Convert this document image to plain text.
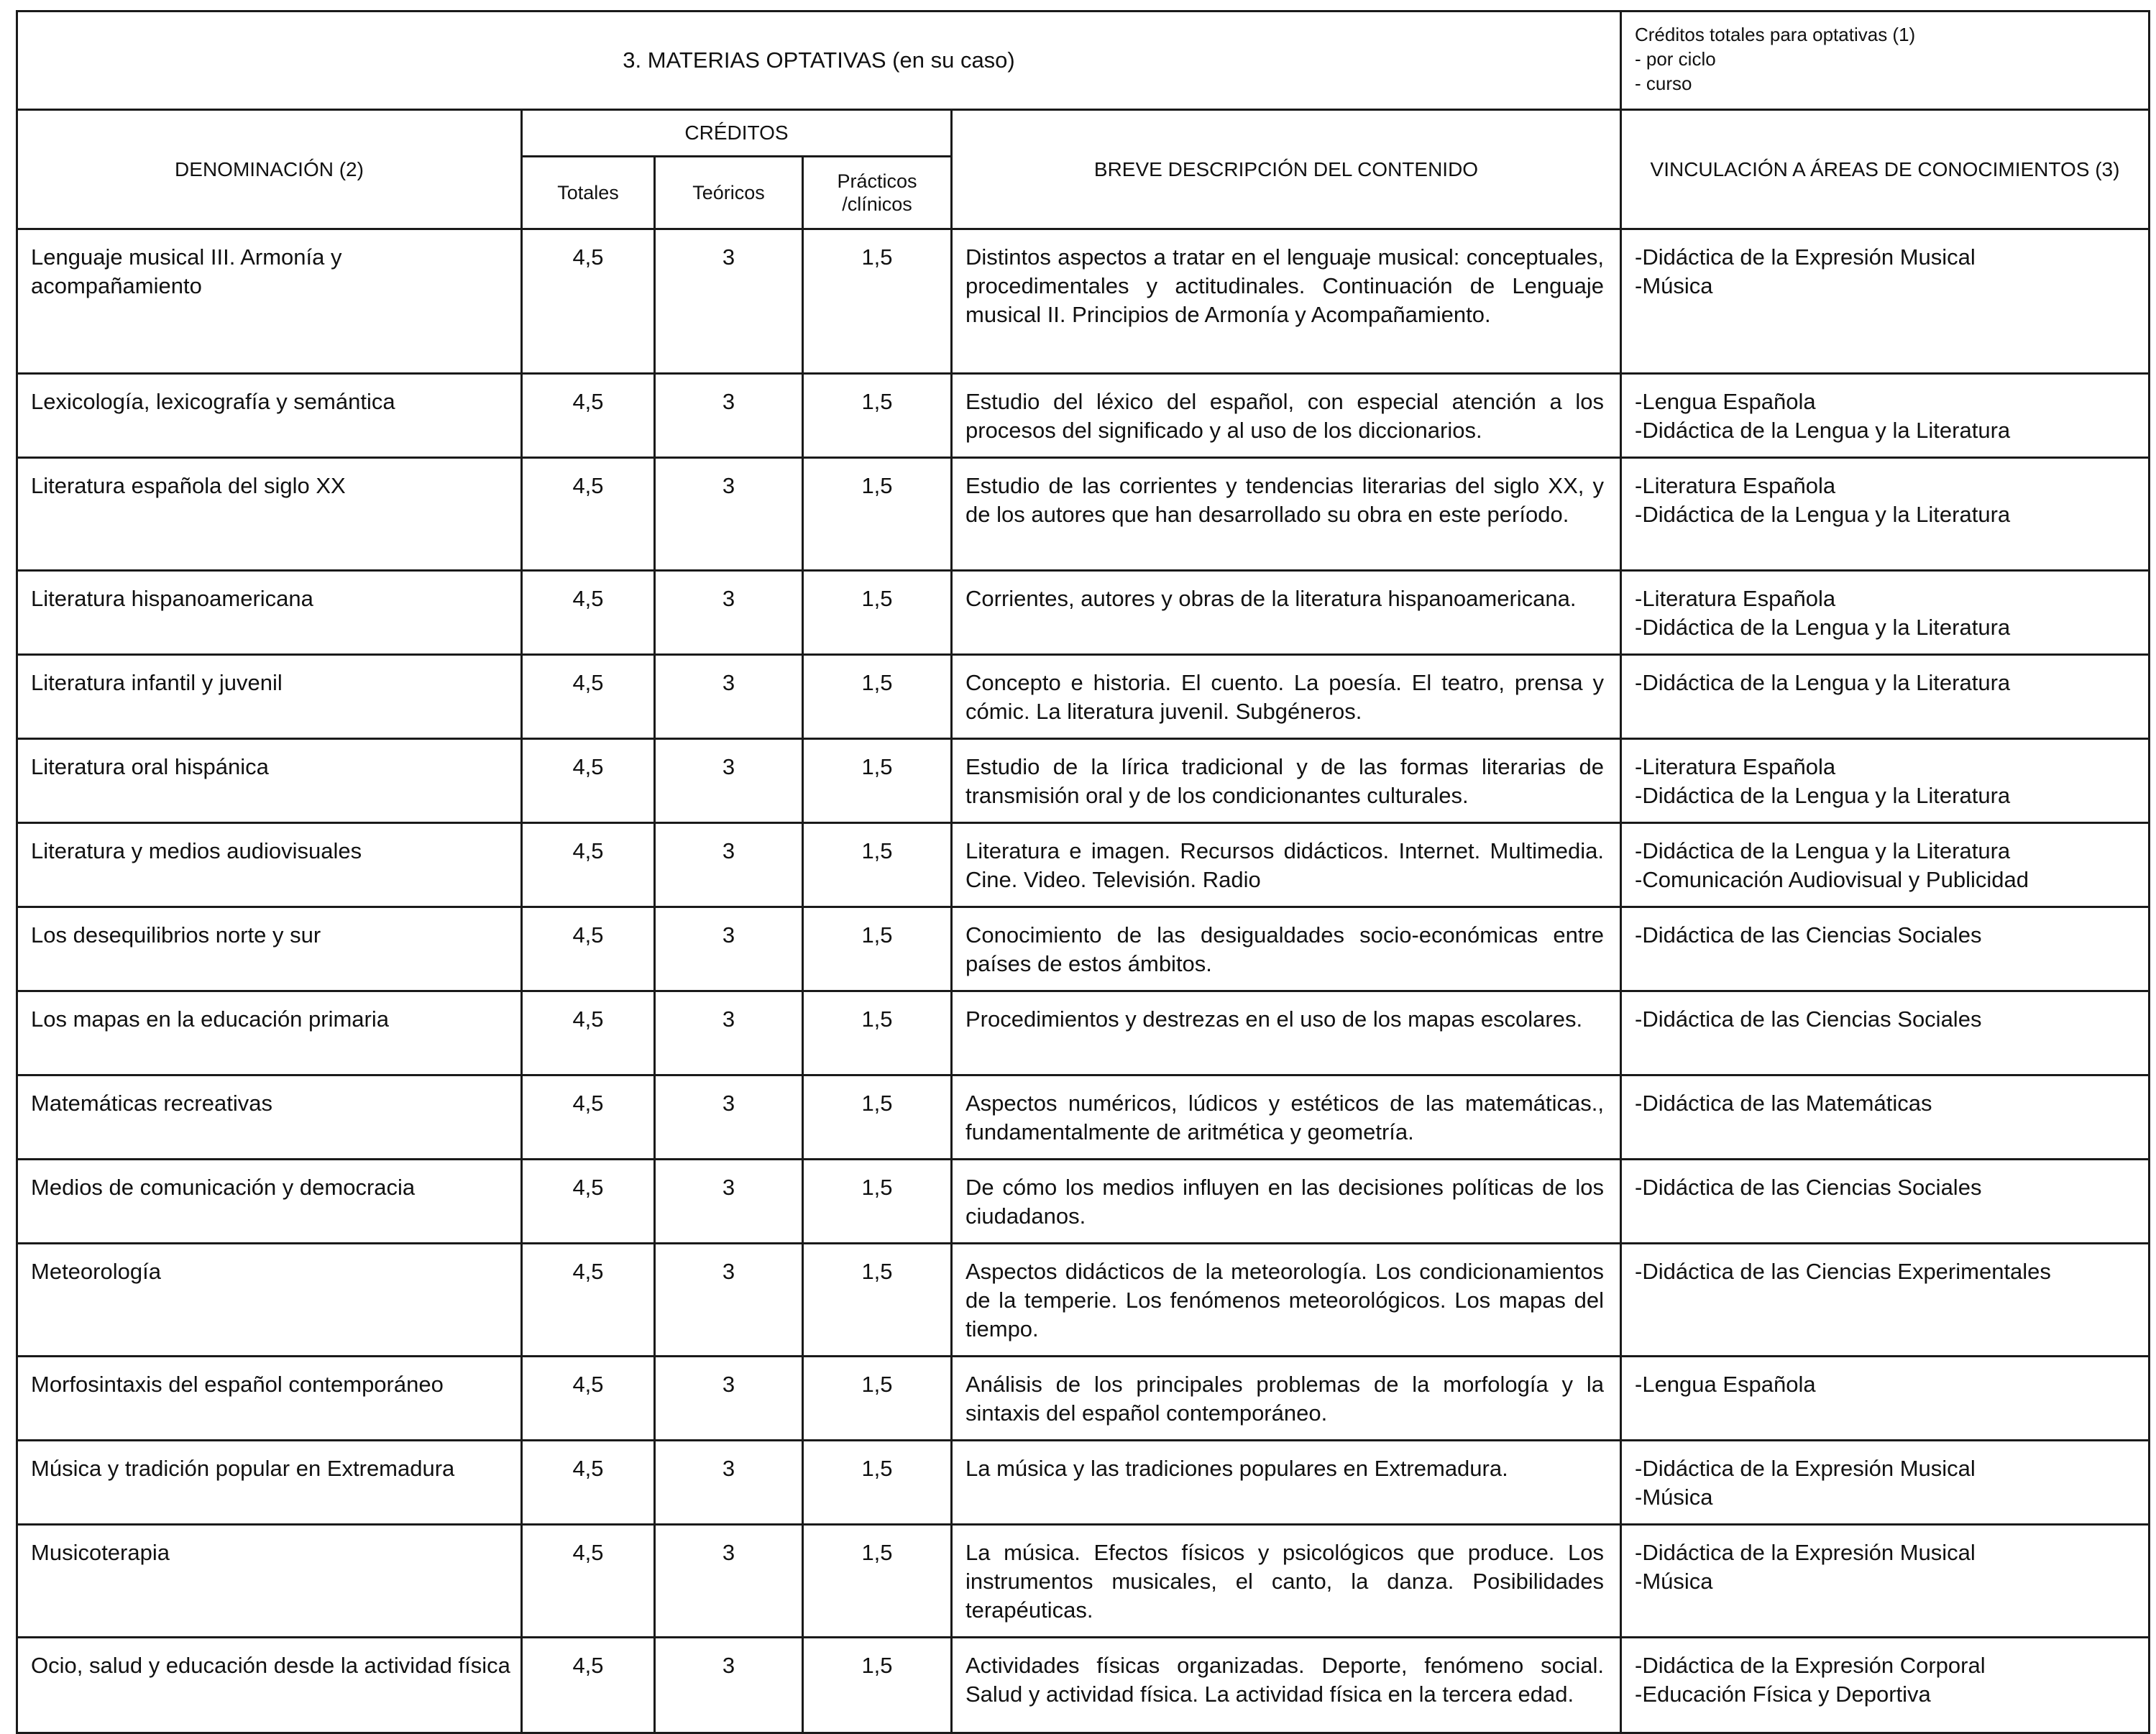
3. MATERIAS OPTATIVAS (en su caso)					Créditos totales para optativas (1)
- por ciclo
- curso

DENOMINACIÓN (2)	CRÉDITOS			BREVE DESCRIPCIÓN DEL CONTENIDO	VINCULACIÓN A ÁREAS DE CONOCIMIENTOS (3)
	Totales	Teóricos	Prácticos /clínicos		
Lenguaje musical III. Armonía y acompañamiento	4,5	3	1,5	Distintos aspectos a tratar en el lenguaje musical: conceptuales, procedimentales y actitudinales. Continuación de Lenguaje musical II. Principios de Armonía y Acompañamiento.	-Didáctica de la Expresión Musical
-Música

Lexicología, lexicografía y semántica	4,5	3	1,5	Estudio del léxico del español, con especial atención a los procesos del significado y al uso de los diccionarios.	-Lengua Española
-Didáctica de la Lengua y la Literatura

Literatura española del siglo XX	4,5	3	1,5	Estudio de las corrientes y tendencias literarias del siglo XX, y de los autores que han desarrollado su obra en este período.	-Literatura Española
-Didáctica de la Lengua y la Literatura

Literatura hispanoamericana	4,5	3	1,5	Corrientes, autores y obras de la literatura hispanoamericana.	-Literatura Española
-Didáctica de la Lengua y la Literatura

Literatura infantil y juvenil	4,5	3	1,5	Concepto e historia. El cuento. La poesía. El teatro, prensa y cómic. La literatura juvenil. Subgéneros.	-Didáctica de la Lengua y la Literatura

Literatura oral hispánica	4,5	3	1,5	Estudio de la lírica tradicional y de las formas literarias de transmisión oral y de los condicionantes culturales.	-Literatura Española
-Didáctica de la Lengua y la Literatura

Literatura y medios audiovisuales	4,5	3	1,5	Literatura e imagen. Recursos didácticos. Internet. Multimedia. Cine. Video. Televisión. Radio	-Didáctica de la Lengua y la Literatura
-Comunicación Audiovisual y Publicidad

Los desequilibrios norte y sur	4,5	3	1,5	Conocimiento de las desigualdades socio-económicas entre países de estos ámbitos.	-Didáctica de las Ciencias Sociales

Los mapas en la educación primaria	4,5	3	1,5	Procedimientos y destrezas en el uso de los mapas escolares.	-Didáctica de las Ciencias Sociales

Matemáticas recreativas	4,5	3	1,5	Aspectos numéricos, lúdicos y estéticos de las matemáticas., fundamentalmente de aritmética y geometría.	-Didáctica de las Matemáticas

Medios de comunicación y democracia	4,5	3	1,5	De cómo los medios influyen en las decisiones políticas de los ciudadanos.	-Didáctica de las Ciencias Sociales

Meteorología	4,5	3	1,5	Aspectos didácticos de la meteorología. Los condicionamientos de la temperie. Los fenómenos meteorológicos. Los mapas del tiempo.	-Didáctica de las Ciencias Experimentales

Morfosintaxis del español contemporáneo	4,5	3	1,5	Análisis de los principales problemas de la morfología y la sintaxis del español contemporáneo.	-Lengua Española

Música y tradición popular en Extremadura	4,5	3	1,5	La música y las tradiciones populares en Extremadura.	-Didáctica de la Expresión Musical
-Música

Musicoterapia	4,5	3	1,5	La música. Efectos físicos y psicológicos que produce. Los instrumentos musicales, el canto, la danza. Posibilidades terapéuticas.	-Didáctica de la Expresión Musical
-Música

Ocio, salud y educación desde la actividad física	4,5	3	1,5	Actividades físicas organizadas. Deporte, fenómeno social. Salud y actividad física. La actividad física en la tercera edad.	-Didáctica de la Expresión Corporal
-Educación Física y Deportiva
